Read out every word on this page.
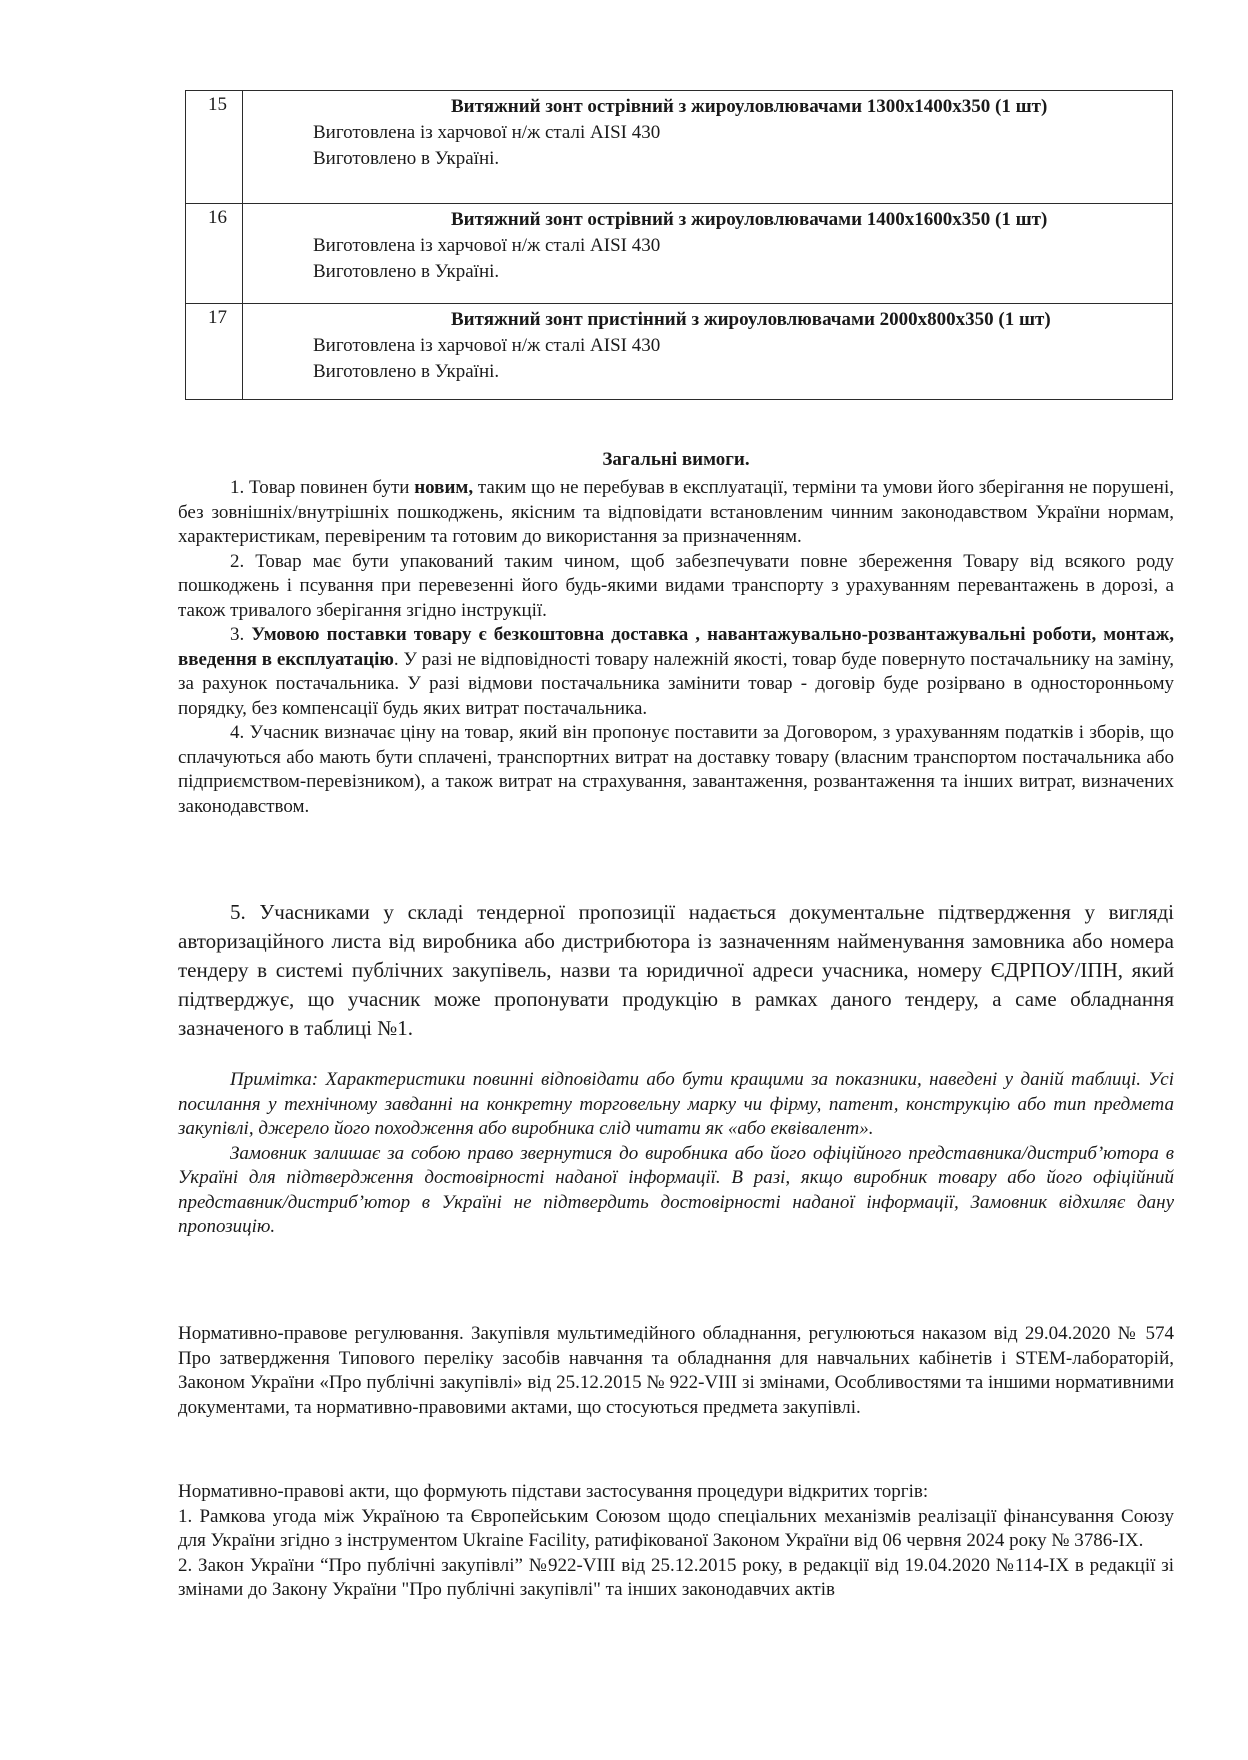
15	Витяжний зонт острівний з жироуловлювачами 1300х1400х350 (1 шт)
Виготовлена із харчової н/ж сталі AISI 430
Виготовлено в Україні.

16	Витяжний зонт острівний з жироуловлювачами 1400х1600х350 (1 шт)
Виготовлена із харчової н/ж сталі AISI 430
Виготовлено в Україні.

17	Витяжний зонт пристінний з жироуловлювачами 2000х800х350 (1 шт)
Виготовлена із харчової н/ж сталі AISI 430
Виготовлено в Україні.
Загальні вимоги.

1. Товар повинен бути новим, таким що не перебував в експлуатації, терміни та умови його зберігання не порушені, без зовнішніх/внутрішніх пошкоджень, якісним та відповідати встановленим чинним законодавством України нормам, характеристикам, перевіреним та готовим до використання за призначенням.

2. Товар має бути упакований таким чином, щоб забезпечувати повне збереження Товару від всякого роду пошкоджень і псування при перевезенні його будь-якими видами транспорту з урахуванням перевантажень в дорозі, а також тривалого зберігання згідно інструкції.

3. Умовою поставки товару є безкоштовна доставка , навантажувально-розвантажувальні роботи, монтаж, введення в експлуатацію. У разі не відповідності товару належній якості, товар буде повернуто постачальнику на заміну, за рахунок постачальника. У разі відмови постачальника замінити товар - договір буде розірвано в односторонньому порядку, без компенсації будь яких витрат постачальника.

4. Учасник визначає ціну на товар, який він пропонує поставити за Договором, з урахуванням податків і зборів, що сплачуються або мають бути сплачені, транспортних витрат на доставку товару (власним транспортом постачальника або підприємством-перевізником), а також витрат на страхування, завантаження, розвантаження та інших витрат, визначених законодавством.

5. Учасниками у складі тендерної пропозиції надається документальне підтвердження у вигляді авторизаційного листа від виробника або дистрибютора із зазначенням найменування замовника або номера тендеру в системі публічних закупівель, назви та юридичної адреси учасника, номеру ЄДРПОУ/ІПН, який підтверджує, що учасник може пропонувати продукцію в рамках даного тендеру, а саме обладнання зазначеного в таблиці №1.

Примітка: Характеристики повинні відповідати або бути кращими за показники, наведені у даній таблиці. Усі посилання у технічному завданні на конкретну торговельну марку чи фірму, патент, конструкцію або тип предмета закупівлі, джерело його походження або виробника слід читати як «або еквівалент».

Замовник залишає за собою право звернутися до виробника або його офіційного представника/дистриб’ютора в Україні для підтвердження достовірності наданої інформації. В разі, якщо виробник товару або його офіційний представник/дистриб’ютор в Україні не підтвердить достовірності наданої інформації, Замовник відхиляє дану пропозицію.

Нормативно-правове регулювання. Закупівля мультимедійного обладнання, регулюються наказом від 29.04.2020 № 574 Про затвердження Типового переліку засобів навчання та обладнання для навчальних кабінетів і STEM-лабораторій, Законом України «Про публічні закупівлі» від 25.12.2015 № 922-VIII зі змінами, Особливостями та іншими нормативними документами, та нормативно-правовими актами, що стосуються предмета закупівлі.

Нормативно-правові акти, що формують підстави застосування процедури відкритих торгів:

1. Рамкова угода між Україною та Європейським Союзом щодо спеціальних механізмів реалізації фінансування Союзу для України згідно з інструментом Ukraine Facility, ратифікованої Законом України від 06 червня 2024 року № 3786-IX.

2. Закон України “Про публічні закупівлі” №922-VIII від 25.12.2015 року, в редакції від 19.04.2020 №114-IX в редакції зі змінами до Закону України "Про публічні закупівлі" та інших законодавчих актів
